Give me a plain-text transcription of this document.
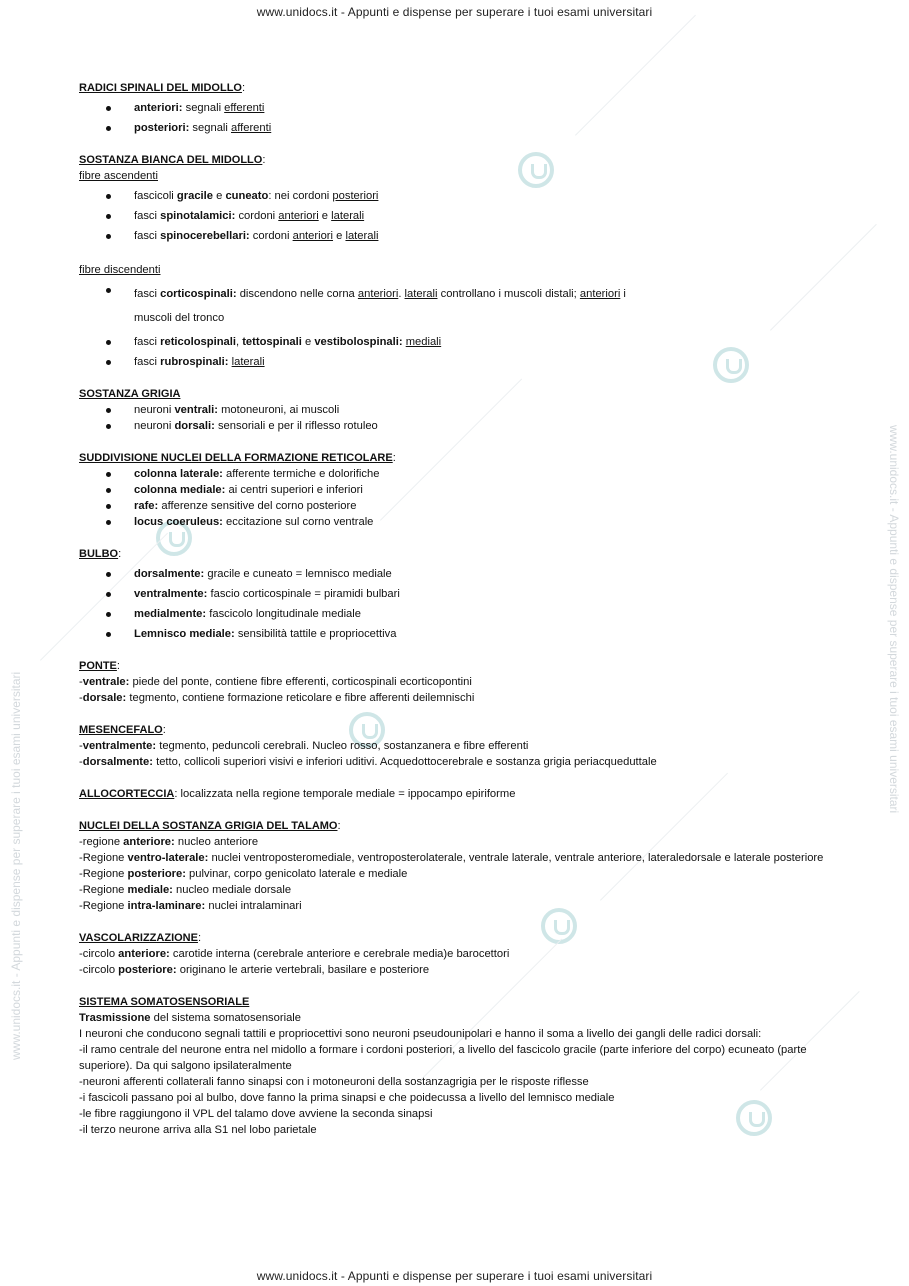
www.unidocs.it - Appunti e dispense per superare i tuoi esami universitari
www.unidocs.it - Appunti e dispense per superare i tuoi esami universitari
www.unidocs.it - Appunti e dispense per superare i tuoi esami universitari
www.unidocs.it - Appunti e dispense per superare i tuoi esami universitari
RADICI SPINALI DEL MIDOLLO:
anteriori: segnali efferenti
posteriori: segnali afferenti
SOSTANZA BIANCA DEL MIDOLLO:
fibre ascendenti
fascicoli gracile e cuneato: nei cordoni posteriori
fasci spinotalamici: cordoni anteriori e laterali
fasci spinocerebellari: cordoni anteriori e laterali
fibre discendenti
fasci corticospinali: discendono nelle corna anteriori. laterali controllano i muscoli distali; anteriori i
muscoli del tronco
fasci reticolospinali, tettospinali e vestibolospinali: mediali
fasci rubrospinali: laterali
SOSTANZA GRIGIA
neuroni ventrali: motoneuroni, ai muscoli
neuroni dorsali: sensoriali e per il riflesso rotuleo
SUDDIVISIONE NUCLEI DELLA FORMAZIONE RETICOLARE:
colonna laterale: afferente termiche e dolorifiche
colonna mediale: ai centri superiori e inferiori
rafe: afferenze sensitive del corno posteriore
locus coeruleus: eccitazione sul corno ventrale
BULBO:
dorsalmente: gracile e cuneato = lemnisco mediale
ventralmente: fascio corticospinale = piramidi bulbari
medialmente: fascicolo longitudinale mediale
Lemnisco mediale: sensibilità tattile e propriocettiva
PONTE:
-ventrale: piede del ponte, contiene fibre efferenti, corticospinali ecorticopontini
-dorsale: tegmento, contiene formazione reticolare e fibre afferenti deilemnischi
MESENCEFALO:
-ventralmente: tegmento, peduncoli cerebrali. Nucleo rosso, sostanzanera e fibre efferenti
-dorsalmente: tetto, collicoli superiori visivi e inferiori uditivi. Acquedottocerebrale e sostanza grigia periacqueduttale
ALLOCORTECCIA: localizzata nella regione temporale mediale = ippocampo epiriforme
NUCLEI DELLA SOSTANZA GRIGIA DEL TALAMO:
-regione anteriore: nucleo anteriore
-Regione ventro-laterale: nuclei ventroposteromediale, ventroposterolaterale, ventrale laterale, ventrale anteriore, lateraledorsale e laterale posteriore
-Regione posteriore: pulvinar, corpo genicolato laterale e mediale
-Regione mediale: nucleo mediale dorsale
-Regione intra-laminare: nuclei intralaminari
VASCOLARIZZAZIONE:
-circolo anteriore: carotide interna (cerebrale anteriore e cerebrale media)e barocettori
-circolo posteriore: originano le arterie vertebrali, basilare e posteriore
SISTEMA SOMATOSENSORIALE
Trasmissione del sistema somatosensoriale
I neuroni che conducono segnali tattili e propriocettivi sono neuroni pseudounipolari e hanno il soma a livello dei gangli delle radici dorsali:
-il ramo centrale del neurone entra nel midollo a formare i cordoni posteriori, a livello del fascicolo gracile (parte inferiore del corpo) ecuneato (parte superiore). Da qui salgono ipsilateralmente
-neuroni afferenti collaterali fanno sinapsi con i motoneuroni della sostanzagrigia per le risposte riflesse
-i fascicoli passano poi al bulbo, dove fanno la prima sinapsi e che poidecussa a livello del lemnisco mediale
-le fibre raggiungono il VPL del talamo dove avviene la seconda sinapsi
-il terzo neurone arriva alla S1 nel lobo parietale
